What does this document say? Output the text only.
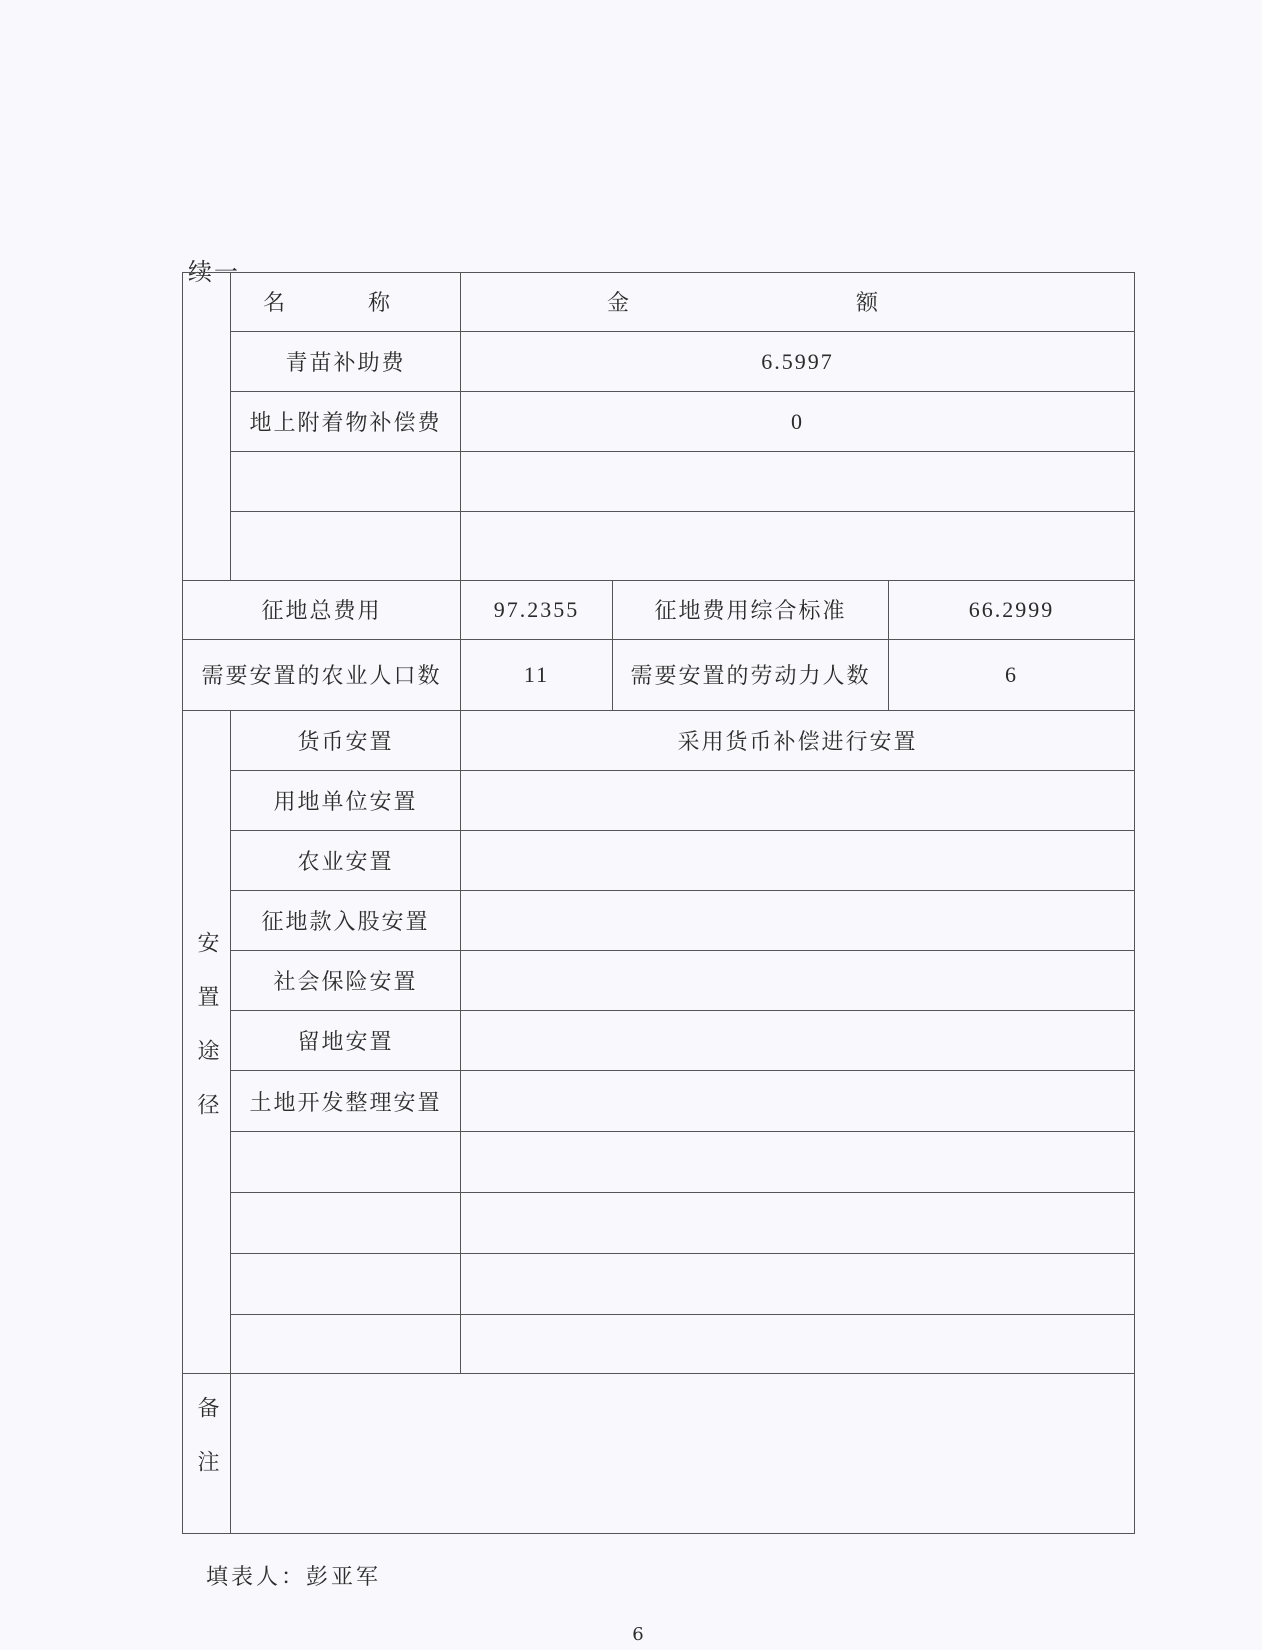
续一
	名 称	金 额		
	青苗补助费	6.5997		
	地上附着物补偿费	0		

征地总费用		97.2355	征地费用综合标准	66.2999
需要安置的农业人口数		11	需要安置的劳动力人数	6
安置途径	货币安置	采用货币补偿进行安置		
	用地单位安置			
	农业安置			
	征地款入股安置			
	社会保险安置			
	留地安置			
	土地开发整理安置			

备注				
填表人：彭亚军
6
